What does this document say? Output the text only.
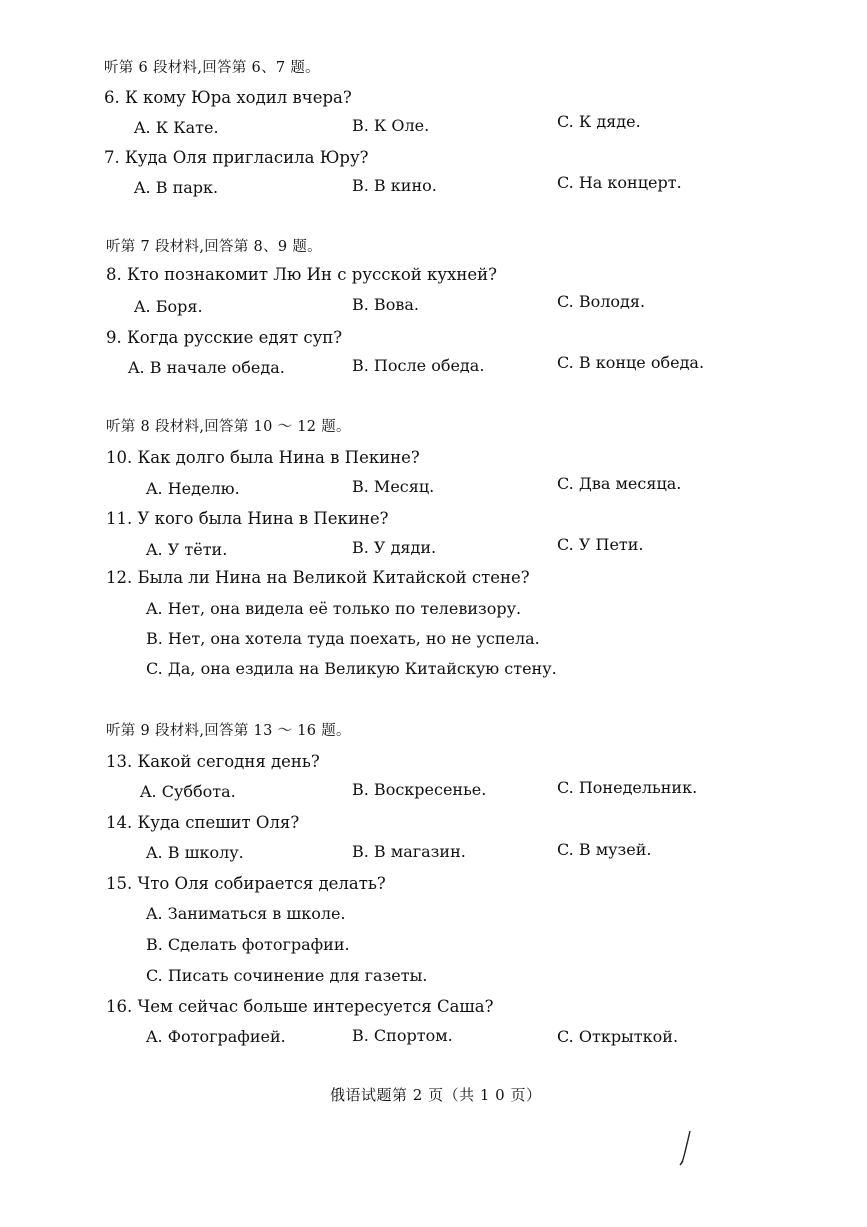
听第 6 段材料,回答第 6、7 题。
6. К кому Юра ходил вчера?
A. К Кате.	B. К Оле.	C. К дяде.
7. Куда Оля пригласила Юру?
A. В парк.	B. В кино.	C. На концерт.
听第 7 段材料,回答第 8、9 题。
8. Кто познакомит Лю Ин с русской кухней?
A. Боря.	B. Вова.	C. Володя.
9. Когда русские едят суп?
A. В начале обеда.	B. После обеда.	C. В конце обеда.
听第 8 段材料,回答第 10 ～ 12 题。
10. Как долго была Нина в Пекине?
A. Неделю.	B. Месяц.	C. Два месяца.
11. У кого была Нина в Пекине?
A. У тёти.	B. У дяди.	C. У Пети.
12. Была ли Нина на Великой Китайской стене?
A. Нет, она видела её только по телевизору.
B. Нет, она хотела туда поехать, но не успела.
C. Да, она ездила на Великую Китайскую стену.
听第 9 段材料,回答第 13 ～ 16 题。
13. Какой сегодня день?
A. Суббота.	B. Воскресенье.	C. Понедельник.
14. Куда спешит Оля?
A. В школу.	B. В магазин.	C. В музей.
15. Что Оля собирается делать?
A. Заниматься в школе.
B. Сделать фотографии.
C. Писать сочинение для газеты.
16. Чем сейчас больше интересуется Саша?
A. Фотографией.	B. Спортом.	C. Открыткой.
俄语试题第 2 页（共 1 0 页）
